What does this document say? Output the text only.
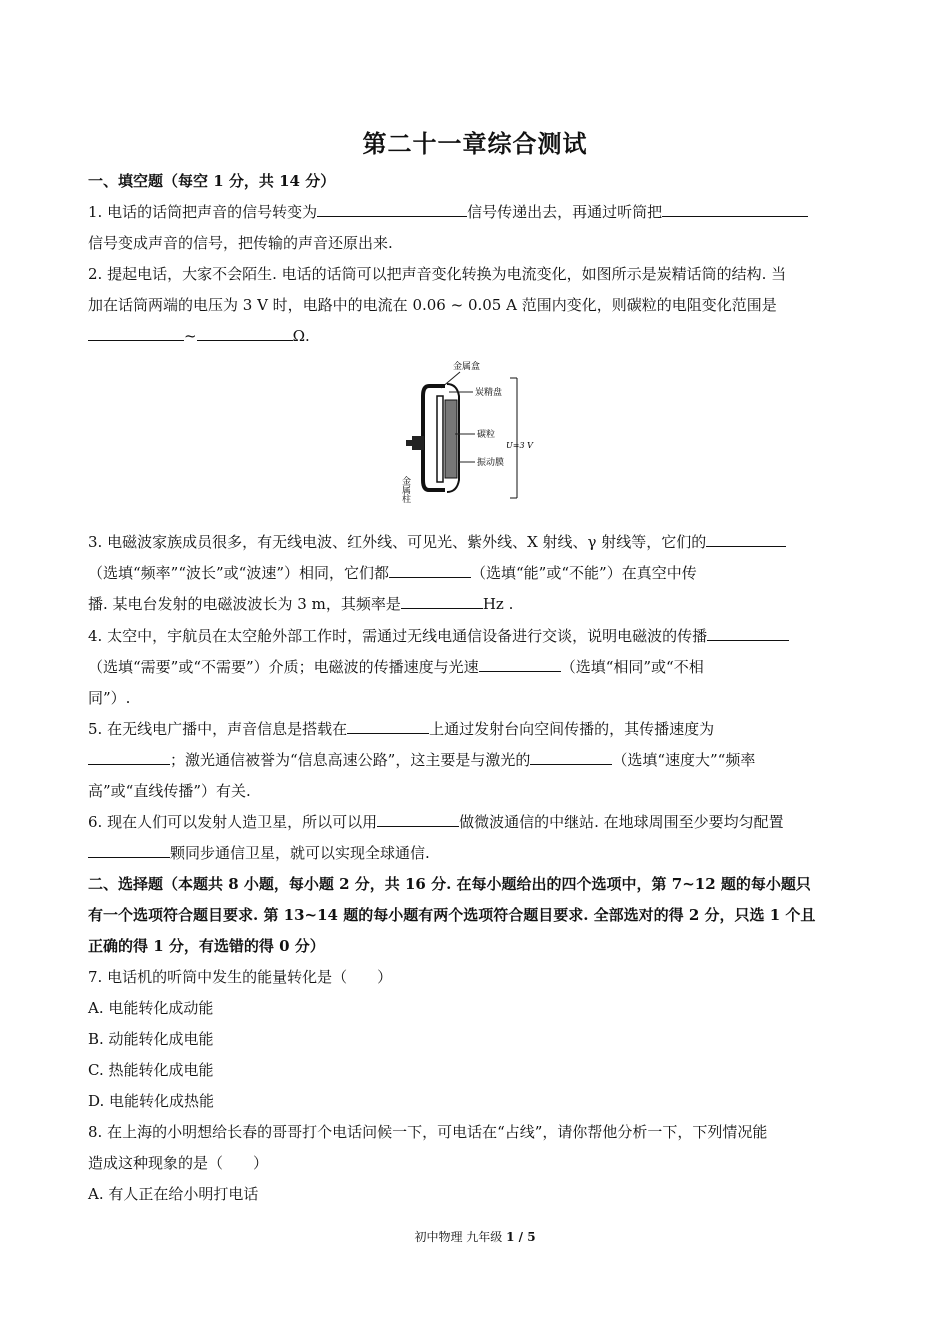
第二十一章综合测试
一、填空题（每空 1 分，共 14 分）
1. 电话的话筒把声音的信号转变为	信号传递出去，再通过听筒把
信号变成声音的信号，把传输的声音还原出来.
2. 提起电话，大家不会陌生. 电话的话筒可以把声音变化转换为电流变化，如图所示是炭精话筒的结构. 当
加在话筒两端的电压为 3 V 时，电路中的电流在 0.06 ~ 0.05 A 范围内变化，则碳粒的电阻变化范围是
~	Ω.
金属盒
炭精盘
碳粒
U=3 V
振动膜
金属柱
3. 电磁波家族成员很多，有无线电波、红外线、可见光、紫外线、X 射线、γ 射线等，它们的
（选填“频率”“波长”或“波速”）相同，它们都	（选填“能”或“不能”）在真空中传
播. 某电台发射的电磁波波长为 3 m，其频率是	Hz .
4. 太空中，宇航员在太空舱外部工作时，需通过无线电通信设备进行交谈，说明电磁波的传播
（选填“需要”或“不需要”）介质；电磁波的传播速度与光速	（选填“相同”或“不相
同”）.
5. 在无线电广播中，声音信息是搭载在	上通过发射台向空间传播的，其传播速度为
；激光通信被誉为“信息高速公路”，这主要是与激光的	（选填“速度大”“频率
高”或“直线传播”）有关.
6. 现在人们可以发射人造卫星，所以可以用	做微波通信的中继站. 在地球周围至少要均匀配置
颗同步通信卫星，就可以实现全球通信.
二、选择题（本题共 8 小题，每小题 2 分，共 16 分. 在每小题给出的四个选项中，第 7~12 题的每小题只
有一个选项符合题目要求. 第 13~14 题的每小题有两个选项符合题目要求. 全部选对的得 2 分，只选 1 个且
正确的得 1 分，有选错的得 0 分）
7. 电话机的听筒中发生的能量转化是（　　）
A. 电能转化成动能
B. 动能转化成电能
C. 热能转化成电能
D. 电能转化成热能
8. 在上海的小明想给长春的哥哥打个电话问候一下，可电话在“占线”，请你帮他分析一下，下列情况能
造成这种现象的是（　　）
A. 有人正在给小明打电话
初中物理 九年级 1 / 5
